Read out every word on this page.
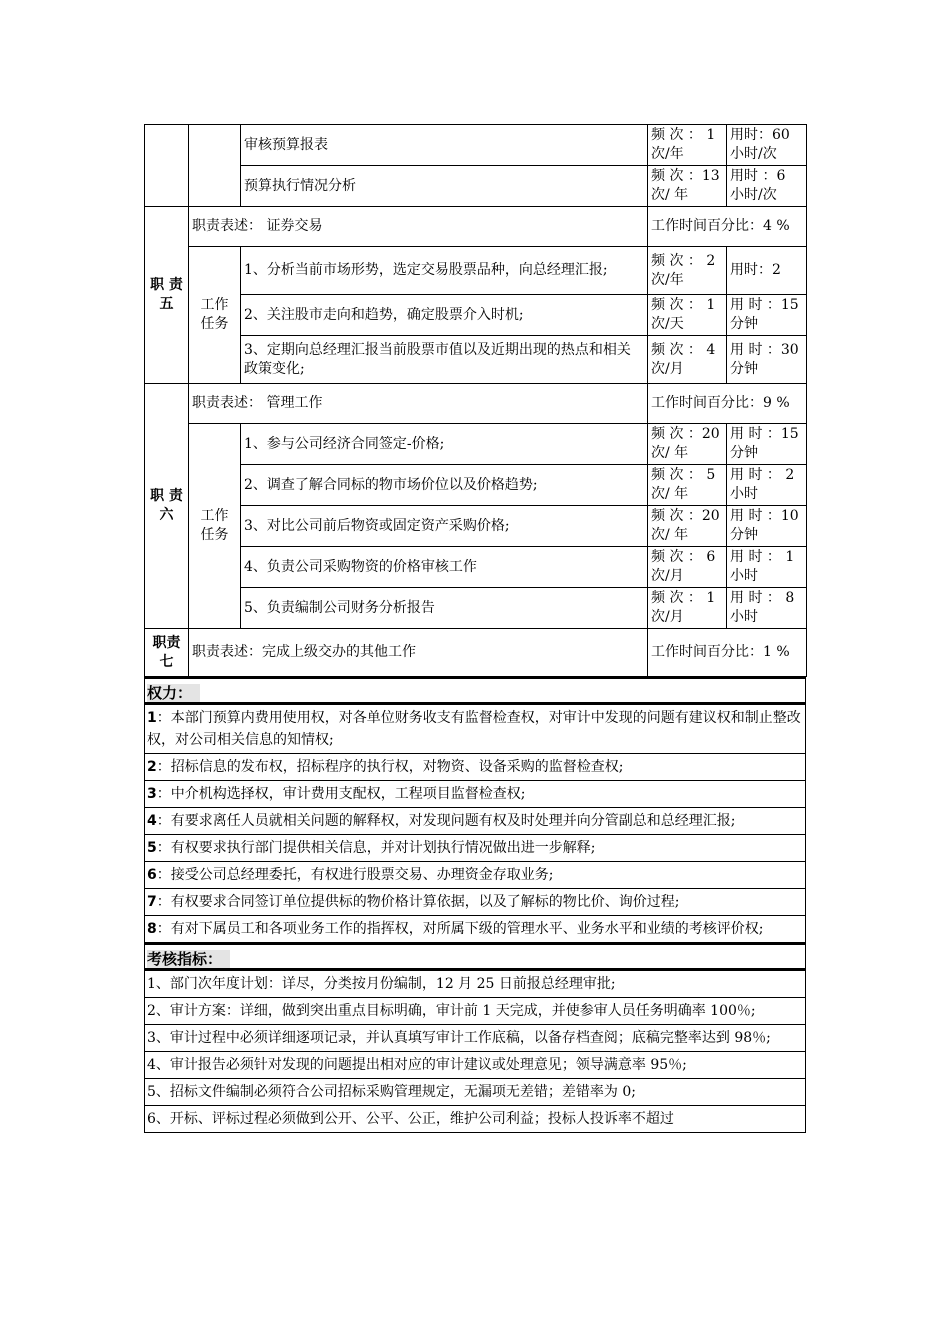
		审核预算报表	频 次 ： 1 次/年	用时：60 小时/次
		预算执行情况分析	频 次 ：13 次/ 年	用时 ：6 小时/次
职 责 五	职责表述： 证券交易		工作时间百分比：4 %	
	工作 任务	1、分析当前市场形势，选定交易股票品种，向总经理汇报;	频 次 ： 2 次/年	用时：2
		2、关注股市走向和趋势，确定股票介入时机;	频 次 ： 1 次/天	用 时 ：15 分钟
		3、定期向总经理汇报当前股票市值以及近期出现的热点和相关政策变化;	频 次 ： 4 次/月	用 时 ：30 分钟
职 责 六	职责表述： 管理工作		工作时间百分比：9 %	
	工作 任务	1、参与公司经济合同签定-价格;	频 次 ：20 次/ 年	用 时 ：15 分钟
		2、调查了解合同标的物市场价位以及价格趋势;	频 次 ： 5 次/ 年	用 时 ： 2 小时
		3、对比公司前后物资或固定资产采购价格;	频 次 ：20 次/ 年	用 时 ：10 分钟
		4、负责公司采购物资的价格审核工作	频 次 ： 6 次/月	用 时 ： 1 小时
		5、负责编制公司财务分析报告	频 次 ： 1 次/月	用 时 ： 8 小时
职责 七	职责表述：完成上级交办的其他工作		工作时间百分比：1 %	
权力：
1：本部门预算内费用使用权，对各单位财务收支有监督检查权，对审计中发现的问题有建议权和制止整改权，对公司相关信息的知情权;
2：招标信息的发布权，招标程序的执行权，对物资、设备采购的监督检查权;
3：中介机构选择权，审计费用支配权，工程项目监督检查权;
4：有要求离任人员就相关问题的解释权，对发现问题有权及时处理并向分管副总和总经理汇报;
5：有权要求执行部门提供相关信息，并对计划执行情况做出进一步解释;
6：接受公司总经理委托，有权进行股票交易、办理资金存取业务;
7：有权要求合同签订单位提供标的物价格计算依据，以及了解标的物比价、询价过程;
8：有对下属员工和各项业务工作的指挥权，对所属下级的管理水平、业务水平和业绩的考核评价权;
考核指标：
1、部门次年度计划：详尽，分类按月份编制，12 月 25 日前报总经理审批;
2、审计方案：详细，做到突出重点目标明确，审计前 1 天完成，并使参审人员任务明确率 100％;
3、审计过程中必须详细逐项记录，并认真填写审计工作底稿，以备存档查阅；底稿完整率达到 98％;
4、审计报告必须针对发现的问题提出相对应的审计建议或处理意见；领导满意率 95％;
5、招标文件编制必须符合公司招标采购管理规定，无漏项无差错；差错率为 0;
6、开标、评标过程必须做到公开、公平、公正，维护公司利益；投标人投诉率不超过
